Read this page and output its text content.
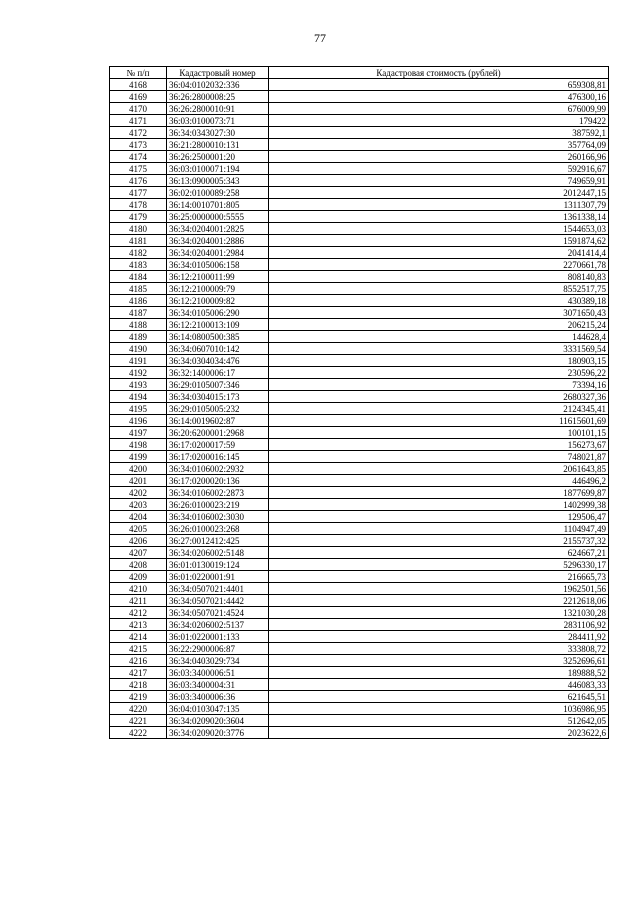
77
№ п/п	Кадастровый номер	Кадастровая стоимость (рублей)
4168	36:04:0102032:336	659308,81
4169	36:26:2800008:25	476300,16
4170	36:26:2800010:91	676009,99
4171	36:03:0100073:71	179422
4172	36:34:0343027:30	387592,1
4173	36:21:2800010:131	357764,09
4174	36:26:2500001:20	260166,96
4175	36:03:0100071:194	592916,67
4176	36:13:0900005:343	749659,91
4177	36:02:0100089:258	2012447,15
4178	36:14:0010701:805	1311307,79
4179	36:25:0000000:5555	1361338,14
4180	36:34:0204001:2825	1544653,03
4181	36:34:0204001:2886	1591874,62
4182	36:34:0204001:2984	2041414,4
4183	36:34:0105006:158	2270661,78
4184	36:12:2100011:99	808140,83
4185	36:12:2100009:79	8552517,75
4186	36:12:2100009:82	430389,18
4187	36:34:0105006:290	3071650,43
4188	36:12:2100013:109	206215,24
4189	36:14:0800500:385	144628,4
4190	36:34:0607010:142	3331569,54
4191	36:34:0304034:476	180903,15
4192	36:32:1400006:17	230596,22
4193	36:29:0105007:346	73394,16
4194	36:34:0304015:173	2680327,36
4195	36:29:0105005:232	2124345,41
4196	36:14:0019602:87	11615601,69
4197	36:20:6200001:2968	100101,15
4198	36:17:0200017:59	156273,67
4199	36:17:0200016:145	748021,87
4200	36:34:0106002:2932	2061643,85
4201	36:17:0200020:136	446496,2
4202	36:34:0106002:2873	1877699,87
4203	36:26:0100023:219	1402999,38
4204	36:34:0106002:3030	129506,47
4205	36:26:0100023:268	1104947,49
4206	36:27:0012412:425	2155737,32
4207	36:34:0206002:5148	624667,21
4208	36:01:0130019:124	5296330,17
4209	36:01:0220001:91	216665,73
4210	36:34:0507021:4401	1962501,56
4211	36:34:0507021:4442	2212618,06
4212	36:34:0507021:4524	1321030,28
4213	36:34:0206002:5137	2831106,92
4214	36:01:0220001:133	284411,92
4215	36:22:2900006:87	333808,72
4216	36:34:0403029:734	3252696,61
4217	36:03:3400006:51	189888,52
4218	36:03:3400004:31	446083,33
4219	36:03:3400006:36	621645,51
4220	36:04:0103047:135	1036986,95
4221	36:34:0209020:3604	512642,05
4222	36:34:0209020:3776	2023622,6
